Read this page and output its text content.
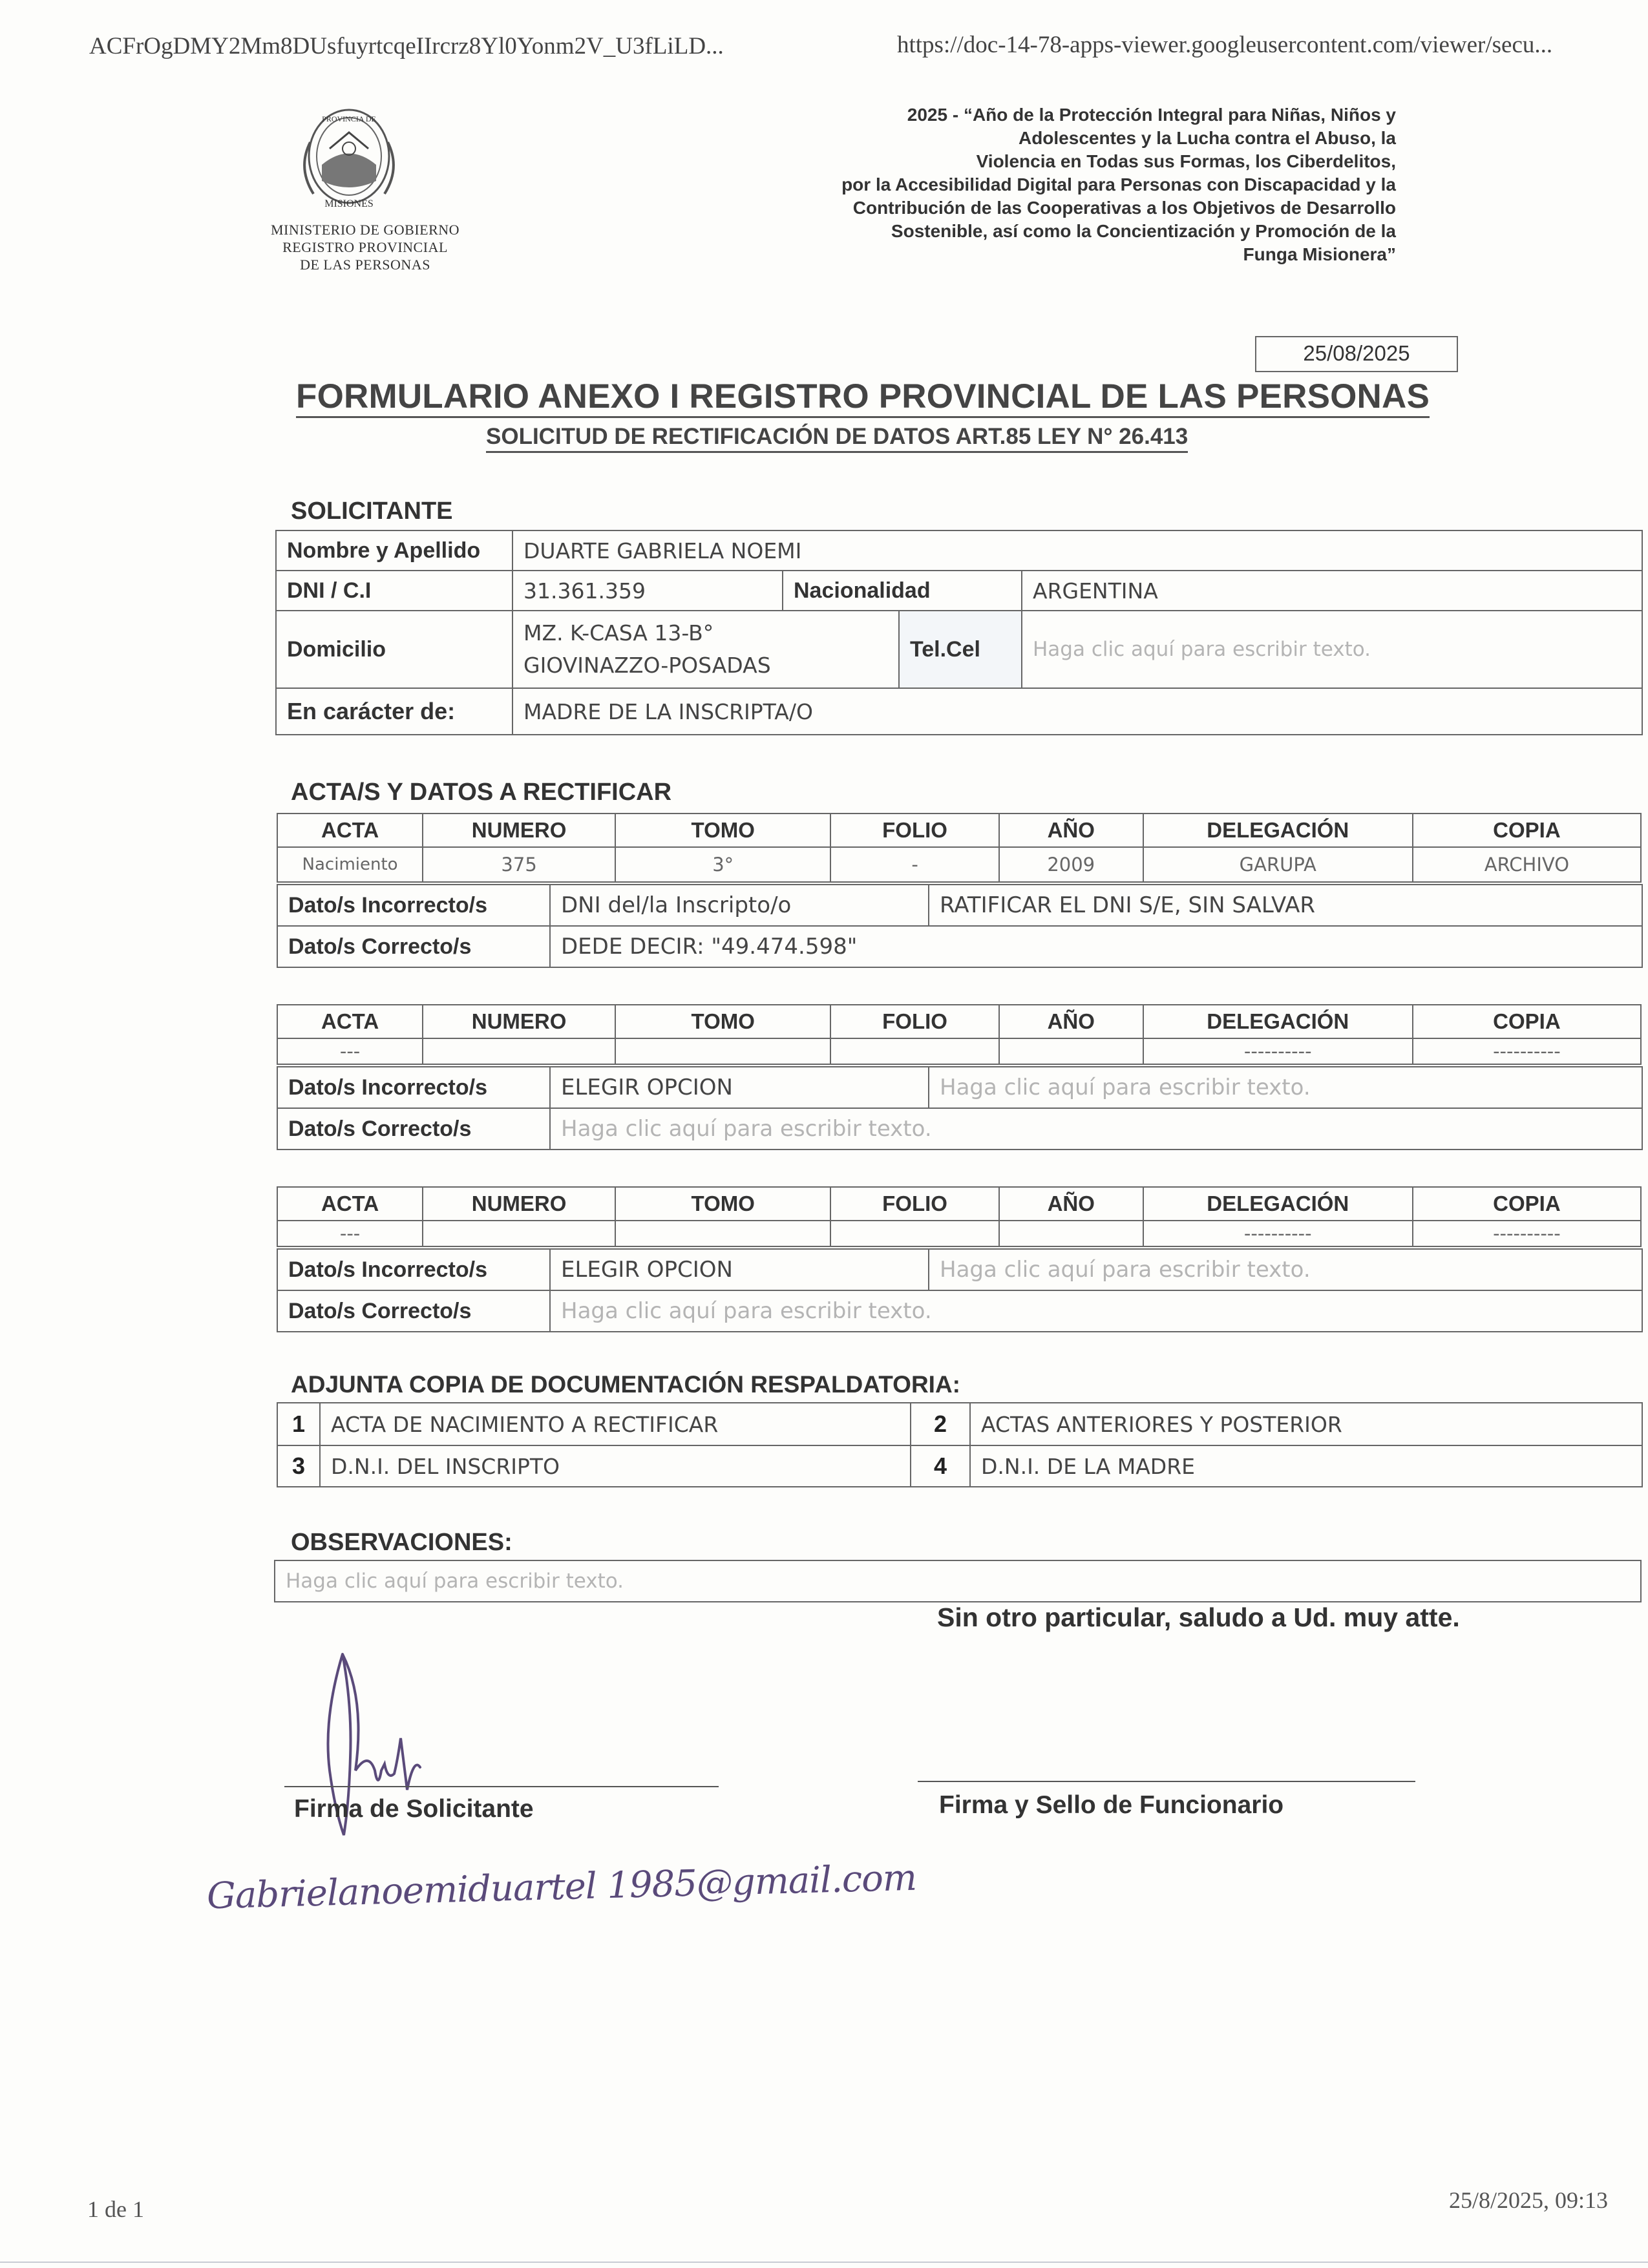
ACFrOgDMY2Mm8DUsfuyrtcqeIIrcrz8Yl0Yonm2V_U3fLiLD...	https://doc-14-78-apps-viewer.googleusercontent.com/viewer/secu...
PROVINCIA DE
MISIONES
MINISTERIO DE GOBIERNO
REGISTRO PROVINCIAL
DE LAS PERSONAS
2025 - “Año de la Protección Integral para Niñas, Niños y
Adolescentes y la Lucha contra el Abuso, la
Violencia en Todas sus Formas, los Ciberdelitos,
por la Accesibilidad Digital para Personas con Discapacidad y la
Contribución de las Cooperativas a los Objetivos de Desarrollo
Sostenible, así como la Concientización y Promoción de la
Funga Misionera”
25/08/2025
FORMULARIO ANEXO I REGISTRO PROVINCIAL DE LAS PERSONAS
SOLICITUD DE RECTIFICACIÓN DE DATOS ART.85 LEY N° 26.413
SOLICITANTE
Nombre y Apellido	DUARTE GABRIELA NOEMI			
DNI / C.I	31.361.359	Nacionalidad		ARGENTINA
Domicilio	MZ. K-CASA 13-B°
GIOVINAZZO-POSADAS		Tel.Cel	Haga clic aquí para escribir texto.
En carácter de:	MADRE DE LA INSCRIPTA/O			
ACTA/S Y DATOS A RECTIFICAR
ACTA	NUMERO	TOMO	FOLIO	AÑO	DELEGACIÓN	COPIA
Nacimiento	375	3°	-	2009	GARUPA	ARCHIVO
Dato/s Incorrecto/s	DNI del/la Inscripto/o	RATIFICAR EL DNI S/E, SIN SALVAR
Dato/s Correcto/s	DEDE DECIR: "49.474.598"	
ACTA	NUMERO	TOMO	FOLIO	AÑO	DELEGACIÓN	COPIA
---					----------	----------
Dato/s Incorrecto/s	ELEGIR OPCION	Haga clic aquí para escribir texto.
Dato/s Correcto/s	Haga clic aquí para escribir texto.	
ACTA	NUMERO	TOMO	FOLIO	AÑO	DELEGACIÓN	COPIA
---					----------	----------
Dato/s Incorrecto/s	ELEGIR OPCION	Haga clic aquí para escribir texto.
Dato/s Correcto/s	Haga clic aquí para escribir texto.	
ADJUNTA COPIA DE DOCUMENTACIÓN RESPALDATORIA:
1	ACTA DE NACIMIENTO A RECTIFICAR	2	ACTAS ANTERIORES Y POSTERIOR
3	D.N.I. DEL INSCRIPTO	4	D.N.I. DE LA MADRE
OBSERVACIONES:
Haga clic aquí para escribir texto.
Sin otro particular, saludo a Ud. muy atte.
Firma de Solicitante	Firma y Sello de Funcionario
Gabrielanoemiduartel 1985@gmail.com
1 de 1	25/8/2025, 09:13
